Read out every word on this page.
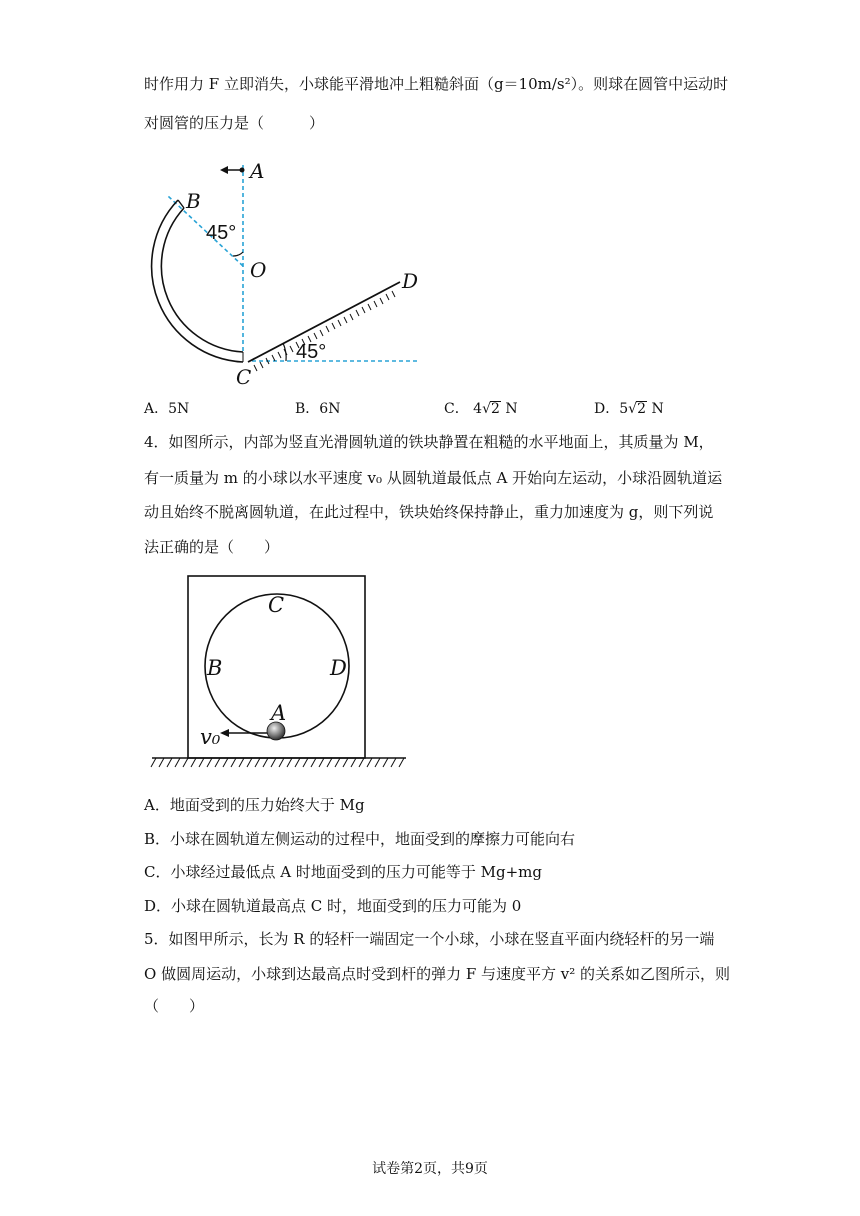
时作用力 F 立即消失，小球能平滑地冲上粗糙斜面（g＝10m/s²）。则球在圆管中运动时
对圆管的压力是（　　　）
A
B
O
C
D
45°
45°
A．5N	B．6N	C． 4√2 N	D．5√2 N
4．如图所示，内部为竖直光滑圆轨道的铁块静置在粗糙的水平地面上，其质量为 M，
有一质量为 m 的小球以水平速度 v₀ 从圆轨道最低点 A 开始向左运动，小球沿圆轨道运
动且始终不脱离圆轨道，在此过程中，铁块始终保持静止，重力加速度为 g，则下列说
法正确的是（　　）
C
B	D
A
v₀
A．地面受到的压力始终大于 Mg
B．小球在圆轨道左侧运动的过程中，地面受到的摩擦力可能向右
C．小球经过最低点 A 时地面受到的压力可能等于 Mg+mg
D．小球在圆轨道最高点 C 时，地面受到的压力可能为 0
5．如图甲所示，长为 R 的轻杆一端固定一个小球，小球在竖直平面内绕轻杆的另一端
O 做圆周运动，小球到达最高点时受到杆的弹力 F 与速度平方 v² 的关系如乙图所示，则
（　　）
试卷第2页，共9页
